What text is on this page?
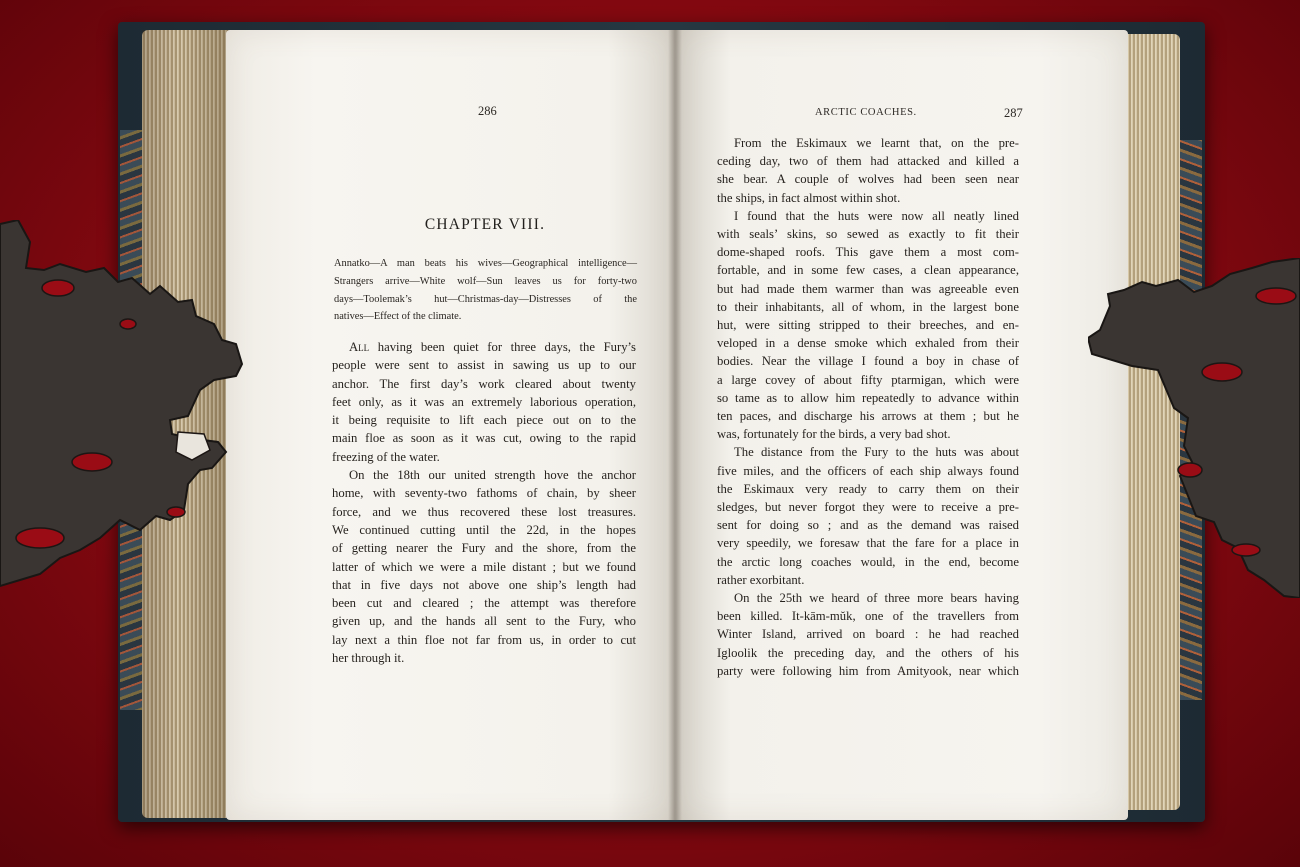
286	ARCTIC COACHES.	287
CHAPTER VIII.
Annatko—A man beats his wives—Geographical intelligence—
Strangers arrive—White wolf—Sun leaves us for forty-two
days—Toolemak’s hut—Christmas-day—Distresses of the
natives—Effect of the climate.
All having been quiet for three days, the Fury’s
people were sent to assist in sawing us up to our
anchor. The first day’s work cleared about twenty
feet only, as it was an extremely laborious operation,
it being requisite to lift each piece out on to the
main floe as soon as it was cut, owing to the rapid
freezing of the water.
On the 18th our united strength hove the anchor
home, with seventy-two fathoms of chain, by sheer
force, and we thus recovered these lost treasures.
We continued cutting until the 22d, in the hopes
of getting nearer the Fury and the shore, from the
latter of which we were a mile distant ; but we found
that in five days not above one ship’s length had
been cut and cleared ; the attempt was therefore
given up, and the hands all sent to the Fury, who
lay next a thin floe not far from us, in order to cut
her through it.
From the Eskimaux we learnt that, on the pre-
ceding day, two of them had attacked and killed a
she bear. A couple of wolves had been seen near
the ships, in fact almost within shot.
I found that the huts were now all neatly lined
with seals’ skins, so sewed as exactly to fit their
dome-shaped roofs. This gave them a most com-
fortable, and in some few cases, a clean appearance,
but had made them warmer than was agreeable even
to their inhabitants, all of whom, in the largest bone
hut, were sitting stripped to their breeches, and en-
veloped in a dense smoke which exhaled from their
bodies. Near the village I found a boy in chase of
a large covey of about fifty ptarmigan, which were
so tame as to allow him repeatedly to advance within
ten paces, and discharge his arrows at them ; but he
was, fortunately for the birds, a very bad shot.
The distance from the Fury to the huts was about
five miles, and the officers of each ship always found
the Eskimaux very ready to carry them on their
sledges, but never forgot they were to receive a pre-
sent for doing so ; and as the demand was raised
very speedily, we foresaw that the fare for a place in
the arctic long coaches would, in the end, become
rather exorbitant.
On the 25th we heard of three more bears having
been killed. It-kām-mŭk, one of the travellers from
Winter Island, arrived on board : he had reached
Igloolik the preceding day, and the others of his
party were following him from Amityook, near which
